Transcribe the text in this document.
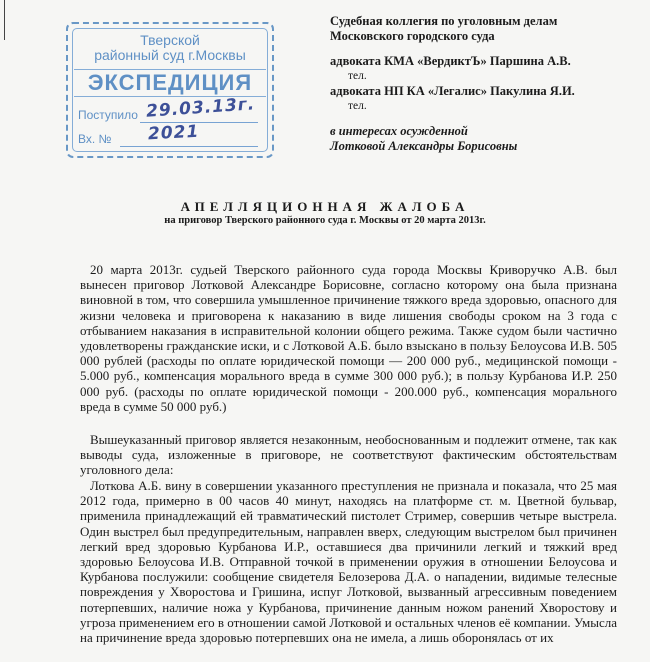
Тверской
районный суд г.Москвы
ЭКСПЕДИЦИЯ
Поступило
Вх. №
29.03.13г.
2021
Судебная коллегия по уголовным делам
Московского городского суда
адвоката КМА «ВердиктЪ» Паршина А.В.
тел.
адвоката НП КА «Легалис» Пакулина Я.И.
тел.
в интересах осужденной
Лотковой Александры Борисовны
АПЕЛЛЯЦИОННАЯ ЖАЛОБА
на приговор Тверского районного суда г. Москвы от 20 марта 2013г.

20 марта 2013г. судьей Тверского районного суда города Москвы Криворучко А.В. был вынесен приговор Лотковой Александре Борисовне, согласно которому она была признана виновной в том, что совершила умышленное причинение тяжкого вреда здоровью, опасного для жизни человека и приговорена к наказанию в виде лишения свободы сроком на 3 года с отбыванием наказания в исправительной колонии общего режима. Также судом были частично удовлетворены гражданские иски, и с Лотковой А.Б. было взыскано в пользу Белоусова И.В. 505 000 рублей (расходы по оплате юридической помощи — 200 000 руб., медицинской помощи - 5.000 руб., компенсация морального вреда в сумме 300 000 руб.); в пользу Курбанова И.Р. 250 000 руб. (расходы по оплате юридической помощи - 200.000 руб., компенсация морального вреда в сумме 50 000 руб.)

Вышеуказанный приговор является незаконным, необоснованным и подлежит отмене, так как выводы суда, изложенные в приговоре, не соответствуют фактическим обстоятельствам уголовного дела:

Лоткова А.Б. вину в совершении указанного преступления не признала и показала, что 25 мая 2012 года, примерно в 00 часов 40 минут, находясь на платформе ст. м. Цветной бульвар, применила принадлежащий ей травматический пистолет Стример, совершив четыре выстрела. Один выстрел был предупредительным, направлен вверх, следующим выстрелом был причинен легкий вред здоровью Курбанова И.Р., оставшиеся два причинили легкий и тяжкий вред здоровью Белоусова И.В. Отправной точкой в применении оружия в отношении Белоусова и Курбанова послужили: сообщение свидетеля Белозерова Д.А. о нападении, видимые телесные повреждения у Хворостова и Гришина, испуг Лотковой, вызванный агрессивным поведением потерпевших, наличие ножа у Курбанова, причинение данным ножом ранений Хворостову и угроза применением его в отношении самой Лотковой и остальных членов её компании. Умысла на причинение вреда здоровью потерпевших она не имела, а лишь оборонялась от их
